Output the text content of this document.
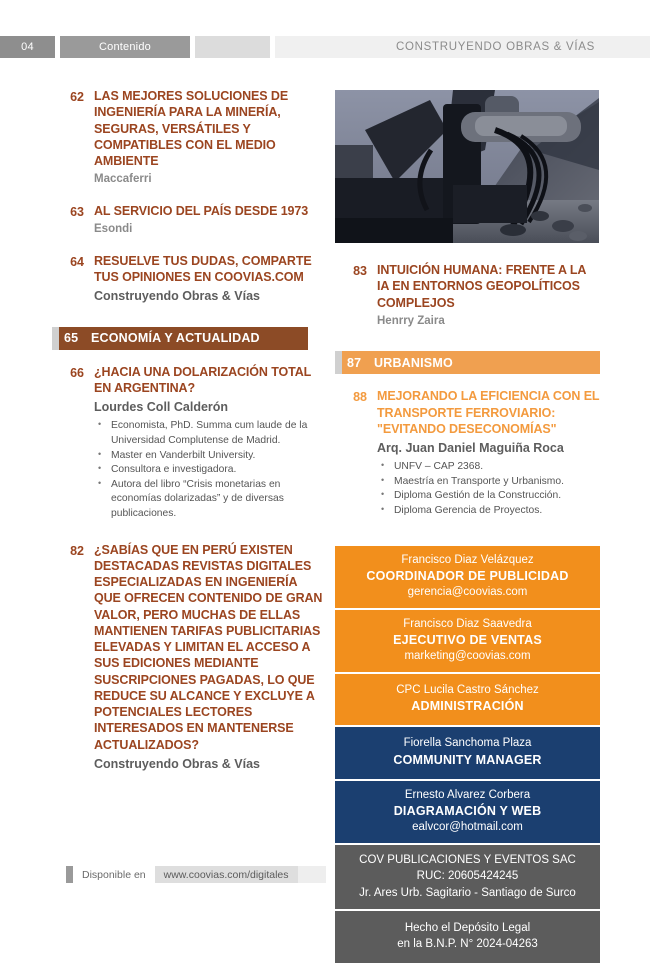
04	Contenido	CONSTRUYENDO OBRAS & VÍAS
62 LAS MEJORES SOLUCIONES DE INGENIERÍA PARA LA MINERÍA, SEGURAS, VERSÁTILES Y COMPATIBLES CON EL MEDIO AMBIENTE
Maccaferri
63 AL SERVICIO DEL PAÍS DESDE 1973
Esondi
64 RESUELVE TUS DUDAS, COMPARTE TUS OPINIONES EN COOVIAS.COM
Construyendo Obras & Vías
65	ECONOMÍA Y ACTUALIDAD
66 ¿HACIA UNA DOLARIZACIÓN TOTAL EN ARGENTINA?
Lourdes Coll Calderón
• Economista, PhD. Summa cum laude de la Universidad Complutense de Madrid.
• Master en Vanderbilt University.
• Consultora e investigadora.
• Autora del libro “Crisis monetarias en economías dolarizadas” y de diversas publicaciones.
82 ¿SABÍAS QUE EN PERÚ EXISTEN DESTACADAS REVISTAS DIGITALES ESPECIALIZADAS EN INGENIERÍA QUE OFRECEN CONTENIDO DE GRAN VALOR, PERO MUCHAS DE ELLAS MANTIENEN TARIFAS PUBLICITARIAS ELEVADAS Y LIMITAN EL ACCESO A SUS EDICIONES MEDIANTE SUSCRIPCIONES PAGADAS, LO QUE REDUCE SU ALCANCE Y EXCLUYE A POTENCIALES LECTORES INTERESADOS EN MANTENERSE ACTUALIZADOS?
Construyendo Obras & Vías
83 INTUICIÓN HUMANA: FRENTE A LA IA EN ENTORNOS GEOPOLÍTICOS COMPLEJOS
Henrry Zaira
87	URBANISMO
88 MEJORANDO LA EFICIENCIA CON EL TRANSPORTE FERROVIARIO: "EVITANDO DESECONOMÍAS"
Arq. Juan Daniel Maguiña Roca
• UNFV – CAP 2368.
• Maestría en Transporte y Urbanismo.
• Diploma Gestión de la Construcción.
• Diploma Gerencia de Proyectos.
Francisco Diaz Velázquez
COORDINADOR DE PUBLICIDAD
gerencia@coovias.com
Francisco Diaz Saavedra
EJECUTIVO DE VENTAS
marketing@coovias.com
CPC Lucila Castro Sánchez
ADMINISTRACIÓN
Fiorella Sanchoma Plaza
COMMUNITY MANAGER
Ernesto Alvarez Corbera
DIAGRAMACIÓN Y WEB
ealvcor@hotmail.com
COV PUBLICACIONES Y EVENTOS SAC
RUC: 20605424245
Jr. Ares Urb. Sagitario - Santiago de Surco
Hecho el Depósito Legal
en la B.N.P. N° 2024-04263
Disponible en	www.coovias.com/digitales
